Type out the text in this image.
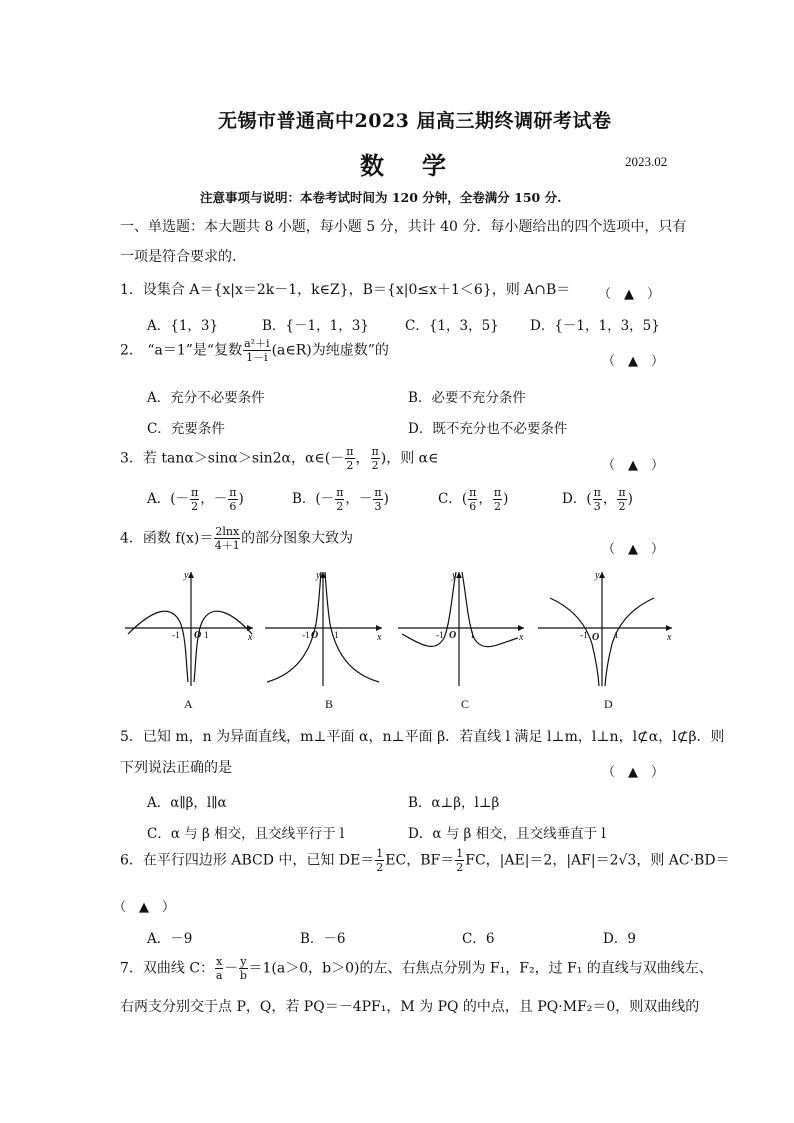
无锡市普通高中2023 届高三期终调研考试卷
数 学	2023.02
注意事项与说明：本卷考试时间为 120 分钟，全卷满分 150 分.
一、单选题：本大题共 8 小题，每小题 5 分，共计 40 分．每小题给出的四个选项中，只有
一项是符合要求的.
1．设集合 A＝{x|x＝2k－1，k∈Z}，B＝{x|0≤x＋1＜6}，则 A∩B＝ （　▲　）
A．{1，3}	B．{－1，1，3}	C．{1，3，5} D．{－1，1，3，5}
2． “a＝1”是“复数 $\frac{\text{a²＋i}}{1-i}$ (a∈R)为纯虚数”的
（　▲　）
A．充分不必要条件	B．必要不充分条件
C．充要条件	D．既不充分也不必要条件
3．若 tanα＞sinα＞sin2α，α∈(－ $\frac{\pi}{2}$ ， $\frac{\pi}{2}$ )，则 α∈	（　▲　）
A．(－ $\frac{\pi}{2}$ ，－ $\frac{\pi}{6}$ )	B．(－ $\frac{\pi}{2}$ ，－ $\frac{\pi}{3}$ )	C．( $\frac{\pi}{6}$ ， $\frac{\pi}{2}$ )	D．( $\frac{\pi}{3}$ ， $\frac{\pi}{2}$ )
4．函数 $f(x)= \frac{2\ln x}{4+1}$ 的部分图象大致为
（　▲　）
y
x
O
y
x
O
y
x
O
y
x
O
-1	1	-1	1	-1	1	-1	1
A	B	C	D
5．已知 m，n 为异面直线，m⊥平面 α，n⊥平面 β．若直线 l 满足 l⊥m，l⊥n，l⊄α，l⊄β．则
下列说法正确的是	（　▲　）
A．α∥β，l∥α	B．α⊥β，l⊥β
C．α 与 β 相交，且交线平行于 l	D．α 与 β 相交，且交线垂直于 l
6．在平行四边形 ABCD 中，已知 $DE= \frac{1}{2}$ EC，$BF= \frac{1}{2}$ FC，|AE|＝2，|AF|＝2√3，则 AC·BD＝
（　▲　）
A．－9	B．－6	C．6	D．9
7．双曲线 C： $\frac{x}{a} - \frac{y}{b} =1(a>0$，b＞0)的左、右焦点分别为 F₁，F₂，过 F₁ 的直线与双曲线左、
右两支分别交于点 P，Q，若 PQ＝－4PF₁，M 为 PQ 的中点，且 PQ·MF₂＝0，则双曲线的
